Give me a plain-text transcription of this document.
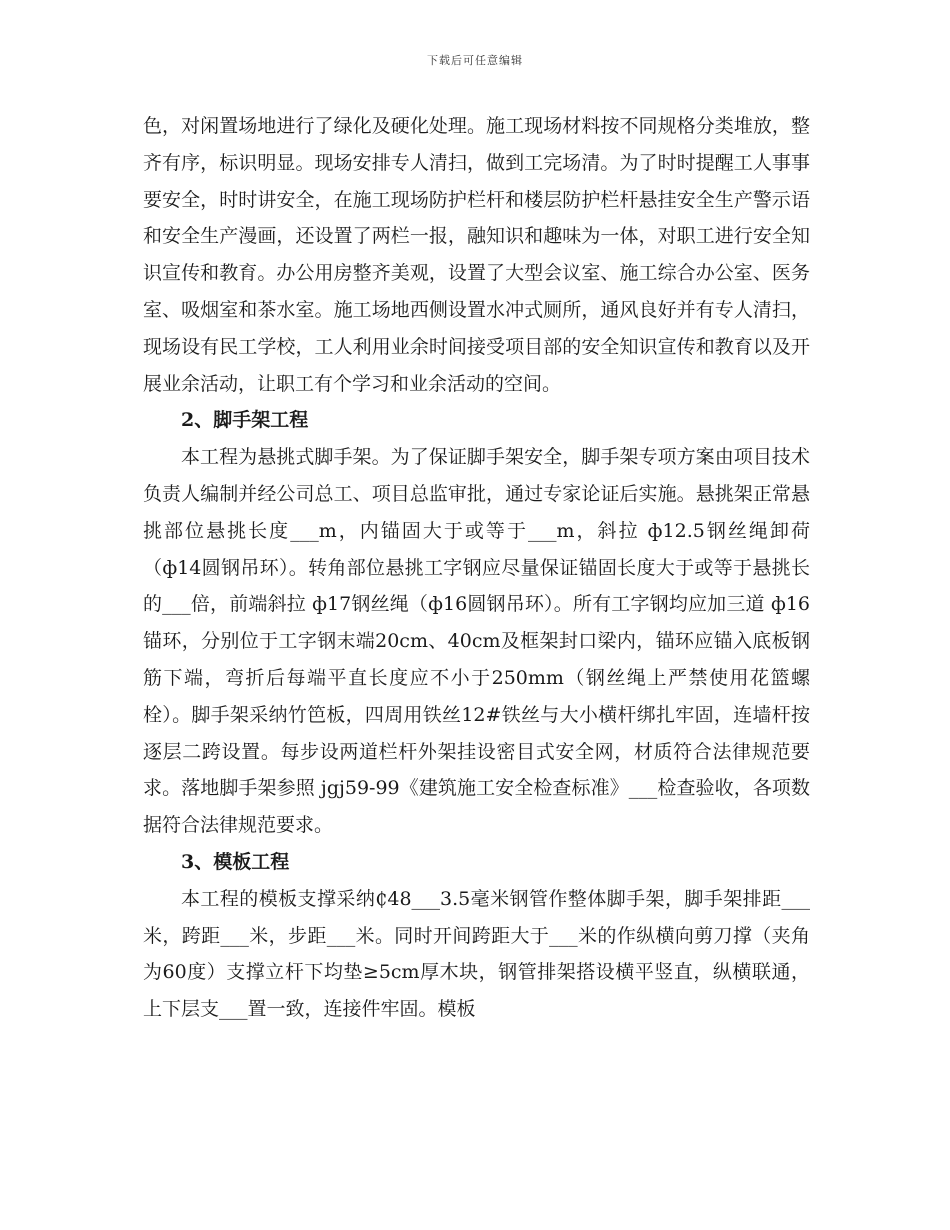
下载后可任意编辑

色，对闲置场地进行了绿化及硬化处理。施工现场材料按不同规格分类堆放，整齐有序，标识明显。现场安排专人清扫，做到工完场清。为了时时提醒工人事事要安全，时时讲安全，在施工现场防护栏杆和楼层防护栏杆悬挂安全生产警示语和安全生产漫画，还设置了两栏一报，融知识和趣味为一体，对职工进行安全知识宣传和教育。办公用房整齐美观，设置了大型会议室、施工综合办公室、医务室、吸烟室和茶水室。施工场地西侧设置水冲式厕所，通风良好并有专人清扫，现场设有民工学校，工人利用业余时间接受项目部的安全知识宣传和教育以及开展业余活动，让职工有个学习和业余活动的空间。

2、脚手架工程

本工程为悬挑式脚手架。为了保证脚手架安全，脚手架专项方案由项目技术负责人编制并经公司总工、项目总监审批，通过专家论证后实施。悬挑架正常悬挑部位悬挑长度___m，内锚固大于或等于___m，斜拉 ф12.5钢丝绳卸荷（ф14圆钢吊环）。转角部位悬挑工字钢应尽量保证锚固长度大于或等于悬挑长的___倍，前端斜拉 ф17钢丝绳（ф16圆钢吊环）。所有工字钢均应加三道 ф16锚环，分别位于工字钢末端20cm、40cm及框架封口梁内，锚环应锚入底板钢筋下端，弯折后每端平直长度应不小于250mm（钢丝绳上严禁使用花篮螺栓）。脚手架采纳竹笆板，四周用铁丝12#铁丝与大小横杆绑扎牢固，连墙杆按逐层二跨设置。每步设两道栏杆外架挂设密目式安全网，材质符合法律规范要求。落地脚手架参照 jgj59-99《建筑施工安全检查标准》___检查验收，各项数据符合法律规范要求。

3、模板工程

本工程的模板支撑采纳₵48___3.5毫米钢管作整体脚手架，脚手架排距___米，跨距___米，步距___米。同时开间跨距大于___米的作纵横向剪刀撑（夹角为60度）支撑立杆下均垫≥5cm厚木块，钢管排架搭设横平竖直，纵横联通，上下层支___置一致，连接件牢固。模板
